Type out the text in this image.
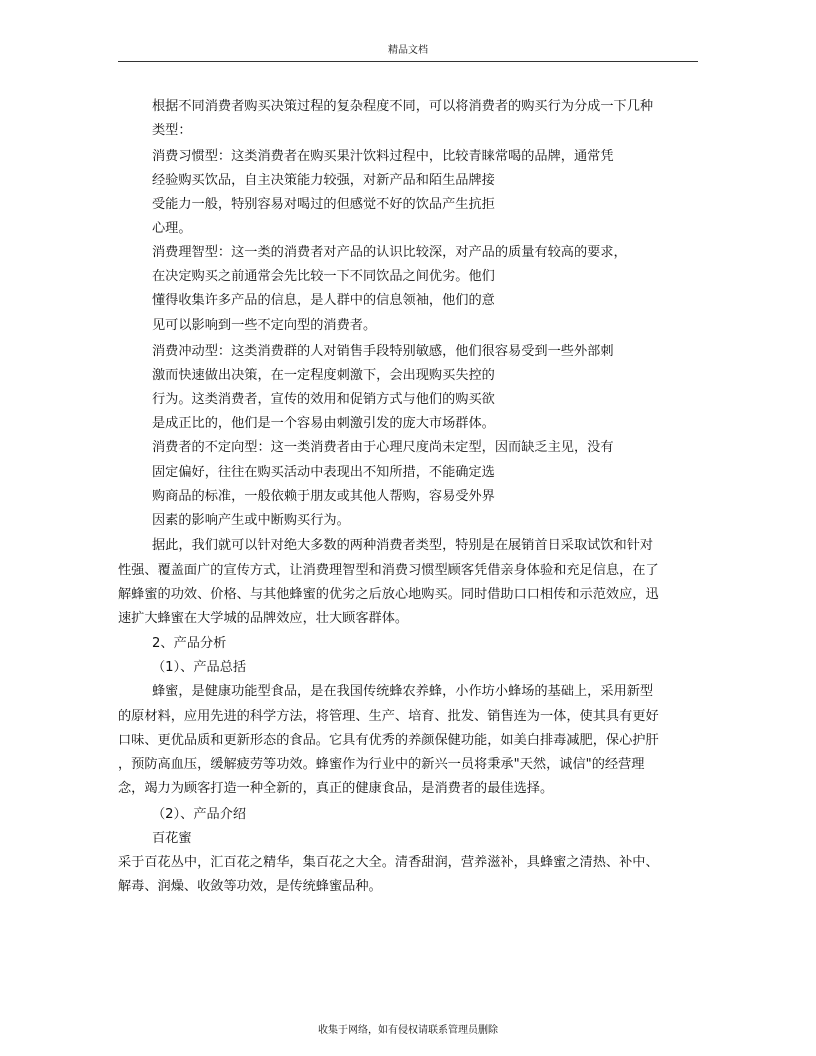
精品文档
根据不同消费者购买决策过程的复杂程度不同，可以将消费者的购买行为分成一下几种
类型：
消费习惯型：这类消费者在购买果汁饮料过程中，比较青睐常喝的品牌，通常凭
经验购买饮品，自主决策能力较强，对新产品和陌生品牌接
受能力一般，特别容易对喝过的但感觉不好的饮品产生抗拒
心理。
消费理智型：这一类的消费者对产品的认识比较深，对产品的质量有较高的要求，
在决定购买之前通常会先比较一下不同饮品之间优劣。他们
懂得收集许多产品的信息，是人群中的信息领袖，他们的意
见可以影响到一些不定向型的消费者。
消费冲动型：这类消费群的人对销售手段特别敏感，他们很容易受到一些外部刺
激而快速做出决策，在一定程度刺激下，会出现购买失控的
行为。这类消费者，宣传的效用和促销方式与他们的购买欲
是成正比的，他们是一个容易由刺激引发的庞大市场群体。
消费者的不定向型：这一类消费者由于心理尺度尚未定型，因而缺乏主见，没有
固定偏好，往往在购买活动中表现出不知所措，不能确定选
购商品的标准，一般依赖于朋友或其他人帮购，容易受外界
因素的影响产生或中断购买行为。
据此，我们就可以针对绝大多数的两种消费者类型，特别是在展销首日采取试饮和针对
性强、覆盖面广的宣传方式，让消费理智型和消费习惯型顾客凭借亲身体验和充足信息，在了
解蜂蜜的功效、价格、与其他蜂蜜的优劣之后放心地购买。同时借助口口相传和示范效应，迅
速扩大蜂蜜在大学城的品牌效应，壮大顾客群体。
2、产品分析
（1）、产品总括
蜂蜜，是健康功能型食品，是在我国传统蜂农养蜂，小作坊小蜂场的基础上，采用新型
的原材料，应用先进的科学方法，将管理、生产、培育、批发、销售连为一体，使其具有更好
口味、更优品质和更新形态的食品。它具有优秀的养颜保健功能，如美白排毒减肥，保心护肝
，预防高血压，缓解疲劳等功效。蜂蜜作为行业中的新兴一员将秉承"天然，诚信"的经营理
念，竭力为顾客打造一种全新的，真正的健康食品，是消费者的最佳选择。
（2）、产品介绍
百花蜜
采于百花丛中，汇百花之精华，集百花之大全。清香甜润，营养滋补，具蜂蜜之清热、补中、
解毒、润燥、收敛等功效，是传统蜂蜜品种。
收集于网络，如有侵权请联系管理员删除
